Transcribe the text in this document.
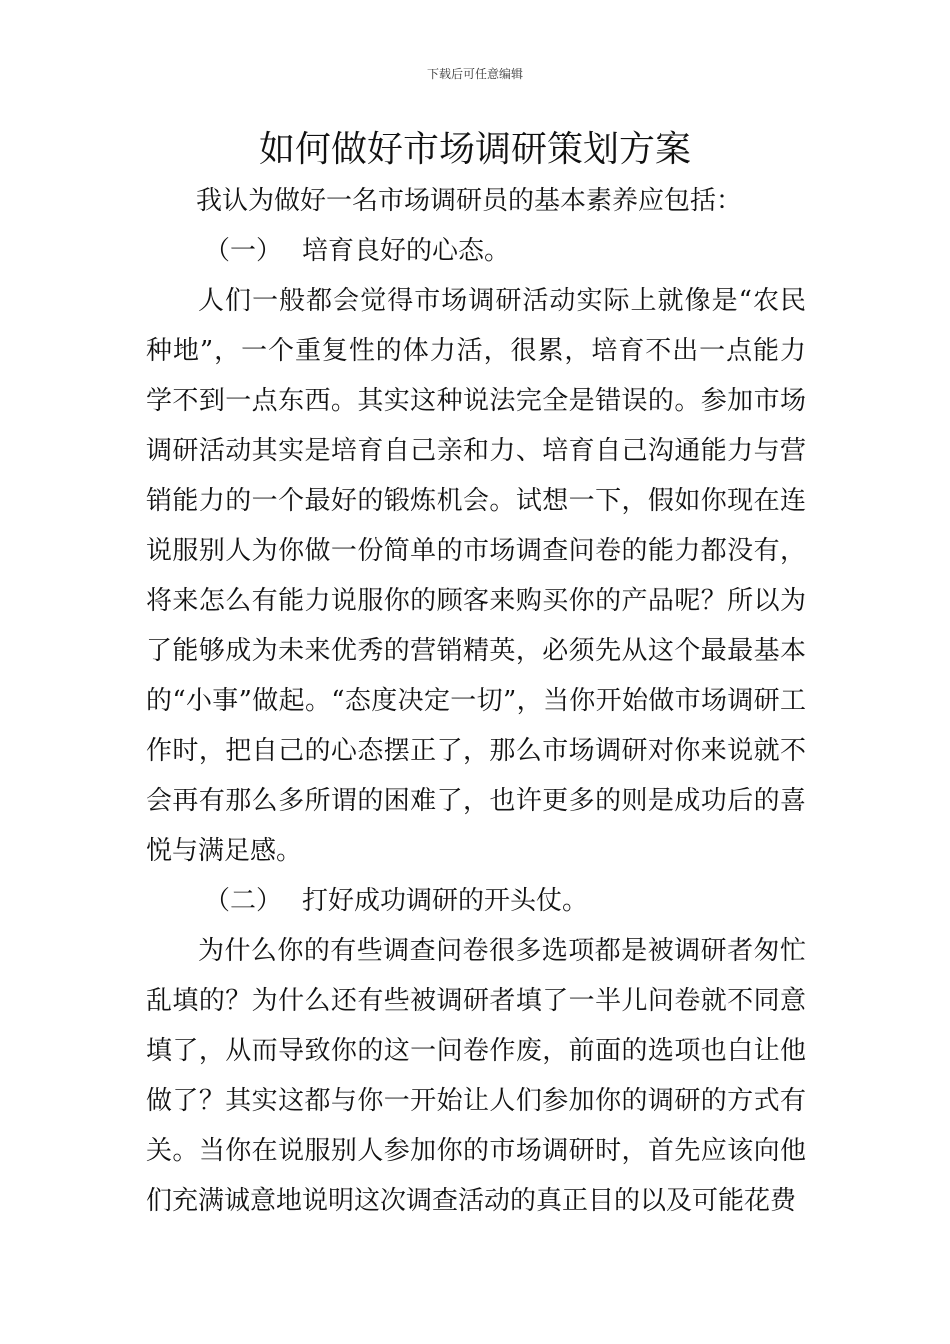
下载后可任意编辑
如何做好市场调研策划方案

我认为做好一名市场调研员的基本素养应包括：

（一） 培育良好的心态。

人们一般都会觉得市场调研活动实际上就像是“农民种地”，一个重复性的体力活，很累，培育不出一点能力学不到一点东西。其实这种说法完全是错误的。参加市场调研活动其实是培育自己亲和力、培育自己沟通能力与营销能力的一个最好的锻炼机会。试想一下，假如你现在连说服别人为你做一份简单的市场调查问卷的能力都没有，将来怎么有能力说服你的顾客来购买你的产品呢？所以为了能够成为未来优秀的营销精英，必须先从这个最最基本的“小事”做起。“态度决定一切”，当你开始做市场调研工作时，把自己的心态摆正了，那么市场调研对你来说就不会再有那么多所谓的困难了，也许更多的则是成功后的喜悦与满足感。

（二） 打好成功调研的开头仗。

为什么你的有些调查问卷很多选项都是被调研者匆忙乱填的？为什么还有些被调研者填了一半儿问卷就不同意填了，从而导致你的这一问卷作废，前面的选项也白让他做了？其实这都与你一开始让人们参加你的调研的方式有关。当你在说服别人参加你的市场调研时，首先应该向他们充满诚意地说明这次调查活动的真正目的以及可能花费
